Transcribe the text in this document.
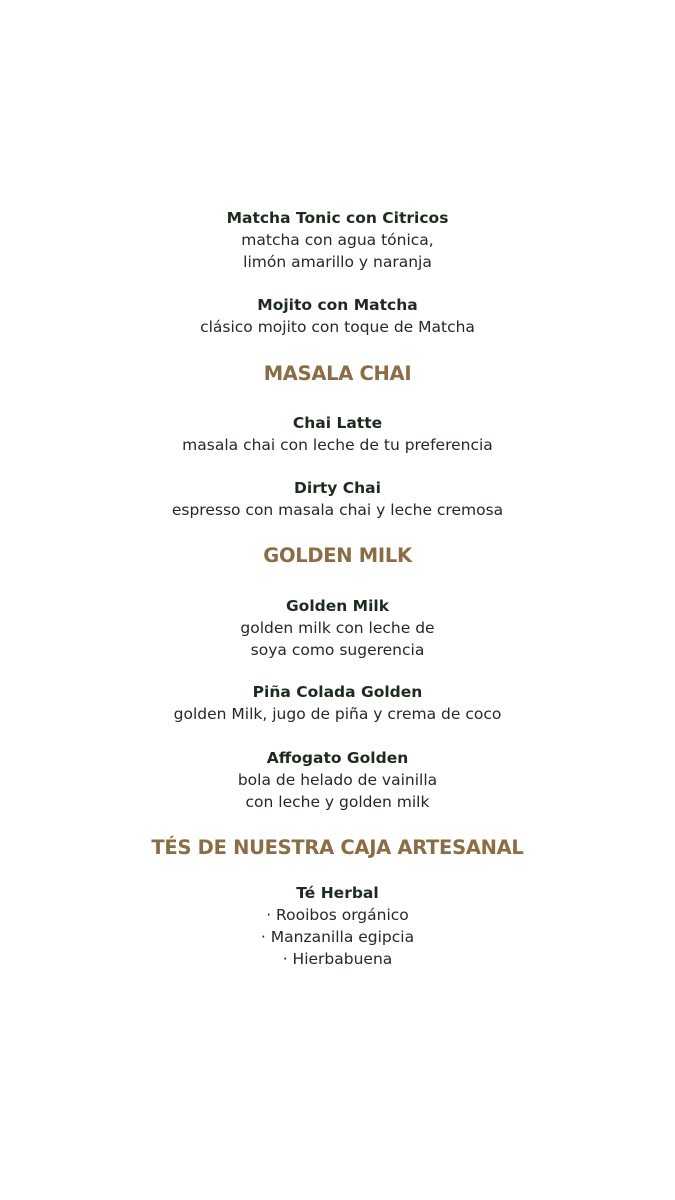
Matcha Tonic con Citricos

matcha con agua tónica,

limón amarillo y naranja

Mojito con Matcha

clásico mojito con toque de Matcha

MASALA CHAI

Chai Latte

masala chai con leche de tu preferencia

Dirty Chai

espresso con masala chai y leche cremosa

GOLDEN MILK

Golden Milk

golden milk con leche de

soya como sugerencia

Piña Colada Golden

golden Milk, jugo de piña y crema de coco

Affogato Golden

bola de helado de vainilla

con leche y golden milk

TÉS DE NUESTRA CAJA ARTESANAL

Té Herbal

· Rooibos orgánico

· Manzanilla egipcia

· Hierbabuena
